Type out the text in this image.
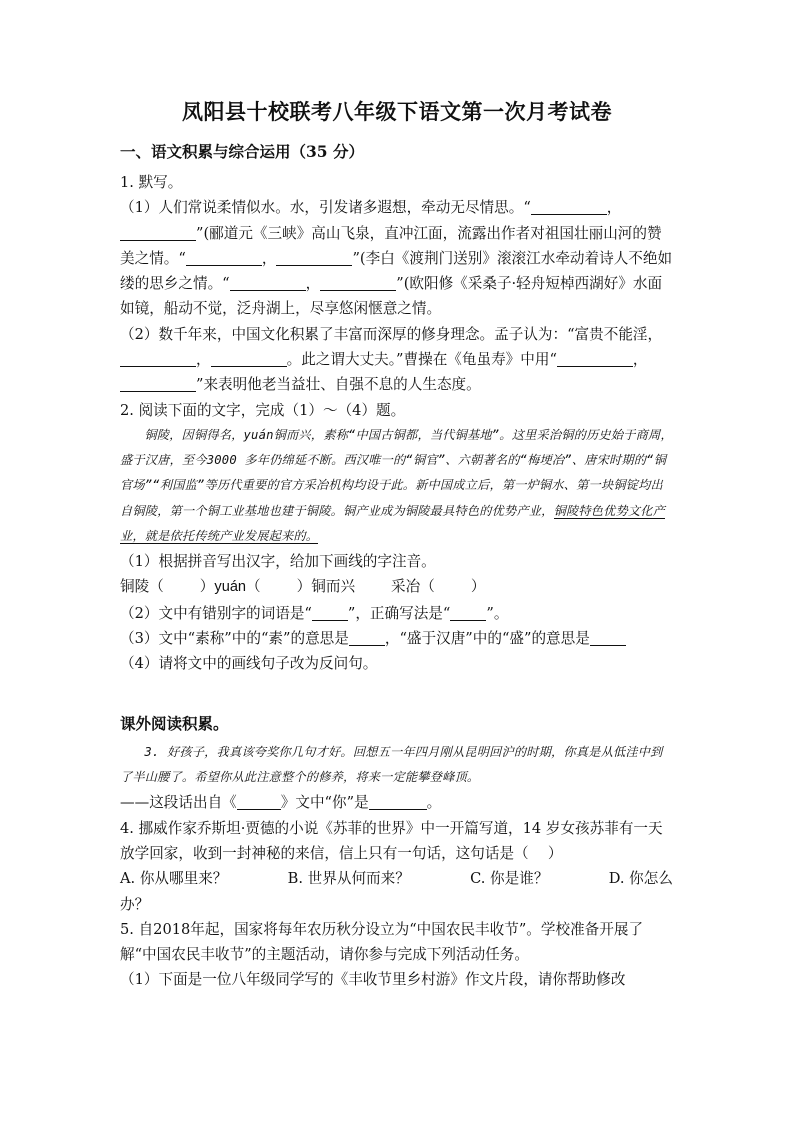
凤阳县十校联考八年级下语文第一次月考试卷
一、语文积累与综合运用（35 分）

1. 默写。

（1）人们常说柔情似水。水，引发诸多遐想，牵动无尽情思。“	，”(郦道元《三峡》高山飞泉，直冲江面，流露出作者对祖国壮丽山河的赞美之情。“	，	”(李白《渡荆门送别》滚滚江水牵动着诗人不绝如缕的思乡之情。“	，	”(欧阳修《采桑子·轻舟短棹西湖好》水面如镜，船动不觉，泛舟湖上，尽享悠闲惬意之情。

（2）数千年来，中国文化积累了丰富而深厚的修身理念。孟子认为：“富贵不能淫，，	。此之谓大丈夫。”曹操在《龟虽寿》中用“	，”来表明他老当益壮、自强不息的人生态度。

2. 阅读下面的文字，完成（1）～（4）题。

铜陵，因铜得名，yuán铜而兴，素称“中国古铜都，当代铜基地”。这里采治铜的历史始于商周，盛于汉唐，至今3000 多年仍绵延不断。西汉唯一的“铜官”、六朝著名的“梅埂冶”、唐宋时期的“铜官场”“利国监”等历代重要的官方采冶机构均设于此。新中国成立后，第一炉铜水、第一块铜锭均出自铜陵，第一个铜工业基地也建于铜陵。铜产业成为铜陵最具特色的优势产业，铜陵特色优势文化产业，就是依托传统产业发展起来的。

（1）根据拼音写出汉字，给加下画线的字注音。

铜陵（ ）yuán（ ）铜而兴 采冶（ ）

（2）文中有错别字的词语是“ ”，正确写法是“ ”。

（3）文中“素称”中的“素”的意思是 ，“盛于汉唐”中的“盛”的意思是

（4）请将文中的画线句子改为反问句。

课外阅读积累。

3. 好孩子，我真该夸奖你几句才好。回想五一年四月刚从昆明回沪的时期，你真是从低洼中到了半山腰了。希望你从此注意整个的修养，将来一定能攀登峰顶。

——这段话出自《	》文中“你”是	。

4. 挪威作家乔斯坦·贾德的小说《苏菲的世界》中一开篇写道，14 岁女孩苏菲有一天放学回家，收到一封神秘的来信，信上只有一句话，这句话是（　 ）

A. 你从哪里来？	B. 世界从何而来？	C. 你是谁？	D. 你怎么

办？

5. 自2018年起，国家将每年农历秋分设立为“中国农民丰收节”。学校准备开展了解“中国农民丰收节”的主题活动，请你参与完成下列活动任务。

（1）下面是一位八年级同学写的《丰收节里乡村游》作文片段，请你帮助修改
